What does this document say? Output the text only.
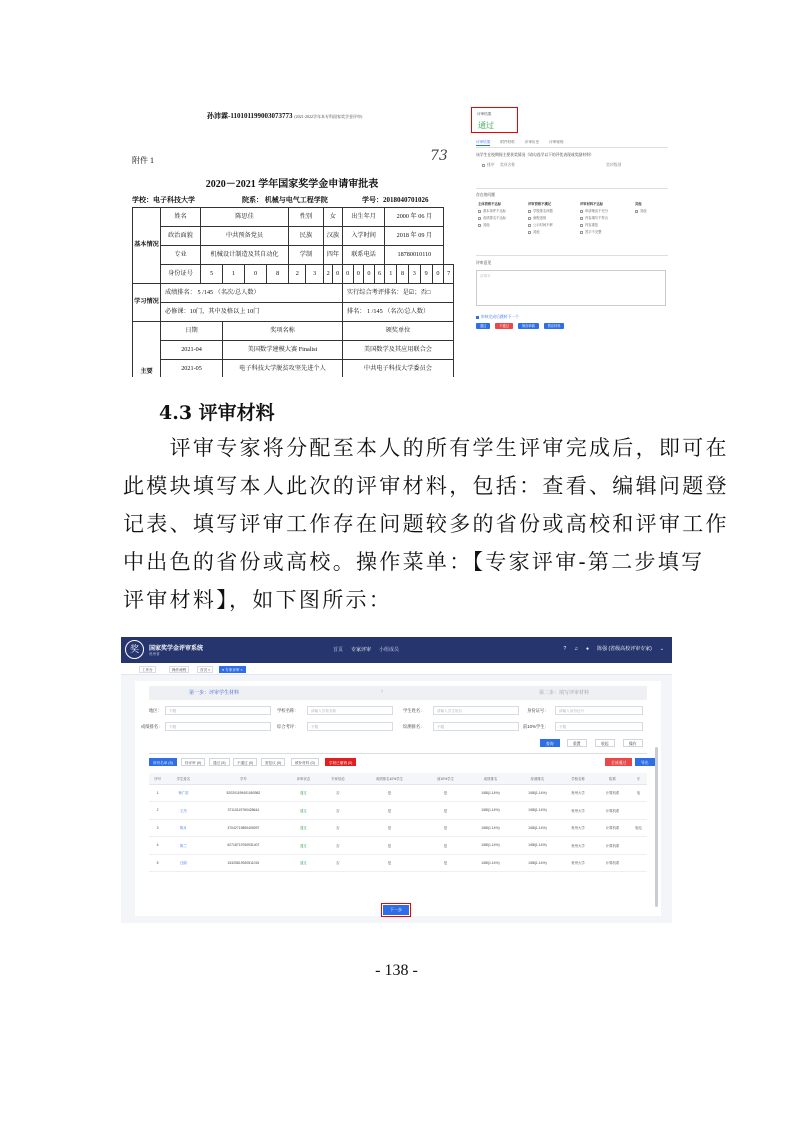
孙沛霖-110101199003073773 (2021-2022学年本专科国家奖学金评审)
附件 1	73
2020－2021 学年国家奖学金申请审批表
学校：电子科技大学	院系： 机械与电气工程学院	学号：2018040701026
基本情况	姓名	陈思佳				性别		女		出生年月				2000 年 06 月					
	政治面貌	中共预备党员				民族		汉族		入学时间				2018 年 09 月					
	专业	机械设计制造及其自动化				学制		四年		联系电话				18780010110					
	身份证号	5	1	0	8	2	3	2	0	0	0	0	6	1	8	3	9	0	7
学习情况	成绩排名： 5 /145 （名次/总人数）									实行综合考评排名：是☑；否□									
	必修课：10门，其中及格以上 10门									排名： 1 /145 （名次/总人数）									
主要	日期		奖项名称							颁奖单位									
	2021-04		美国数学建模大赛 Finalist							美国数学及其应用联合会									
	2021-05		电子科技大学脱贫攻坚先进个人							中共电子科技大学委员会									
评审结果
通过
评审结果	附件材料	评审历史	评审规则
该学生在校期间主要获奖情况（请勾选学以下的评优表现或奖励材料）
排序 奖项名称	奖项级别
存在的问题
主体资格不达标
基本条件不达标
成绩排名不达标
其他
评审资格不满足
学校排名问题
流程违规
公示时间不够
其他
评审材料不达标
申请理由不充分
内容填写不符合
内容重复
签字不完整
其他
其他
评审意见
请填写
审核完成后跳转下一个
通过	不通过	保存草稿	暂存材料
4.3 评审材料
　　评审专家将分配至本人的所有学生评审完成后，即可在
此模块填写本人此次的评审材料，包括：查看、编辑问题登
记表、填写评审工作存在问题较多的省份或高校和评审工作
中出色的省份或高校。操作菜单：【专家评审-第二步填写
评审材料】，如下图所示：
奖	国家奖学金评审系统
贵州省
首页 专家评审 小组成员	? ♫ ● 陈强 (省级高校评审专家) ⌄
工作台	操作流程	首页 ×	● 专家评审 ×
第一步：评审学生材料	›	第二步：填写评审材料
地区：	不限	学校名称：	请输入学校名称	学生姓名：	请输入学生姓名	身份证号：	请输入身份证号
成绩排名：	不限	综合考评：	不限	综测排名：	不限	前10%学生：	不限
查询	重置	收起	操作
所有名单 (5)	待评审 (0)	通过 (5)	不通过 (0)	需复议 (0)	缓补材料 (0)	学校已撤销 (0)	全部通过	导出
序号	学生姓名	学号	评审状态	专家结论	成绩排名10%学生	前10%学生	成绩排名	综测排名	学校名称	院系	专
1	杨广浩	520201199401060982	通过	否	是	是	1/88(1.14%)	1/88(1.14%)	贵州大学	计算机系	电
2	王杰	37110119760428644	通过	否	是	是	1/88(1.14%)	1/88(1.14%)	贵州大学	计算机系	
3	陈月	37042719890405097	通过	否	是	是	1/88(1.14%)	1/88(1.14%)	贵州大学	计算机系	电电
4	陈兰	62718719760931407	通过	否	是	是	1/88(1.14%)	1/88(1.14%)	贵州大学	计算机系	
5	汪丽	15325819920511015	通过	否	是	是	1/88(1.14%)	1/88(1.14%)	贵州大学	计算机系	
下一步
- 138 -
